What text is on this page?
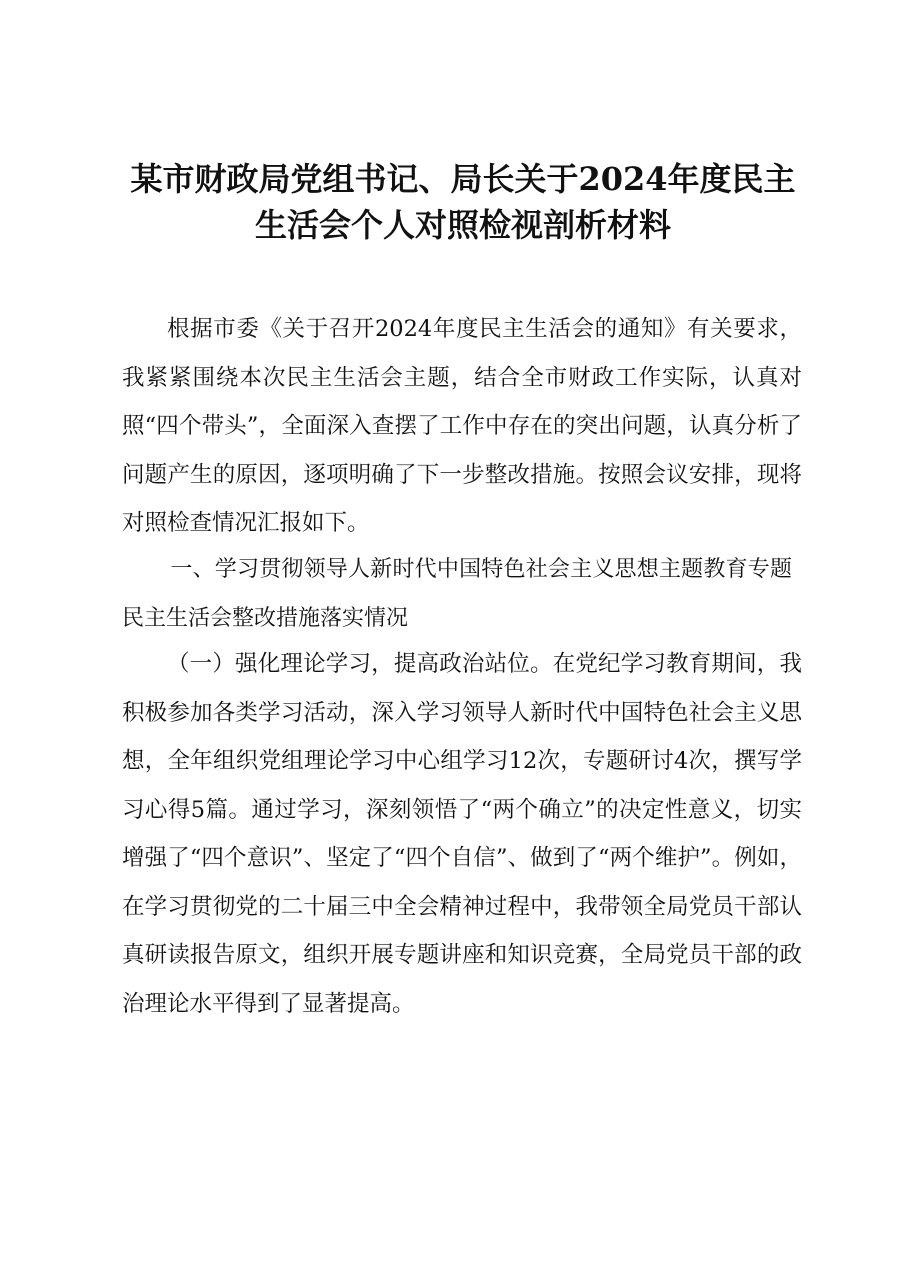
某市财政局党组书记、局长关于2024年度民主生活会个人对照检视剖析材料

根据市委《关于召开2024年度民主生活会的通知》有关要求，我紧紧围绕本次民主生活会主题，结合全市财政工作实际，认真对照“四个带头”，全面深入查摆了工作中存在的突出问题，认真分析了问题产生的原因，逐项明确了下一步整改措施。按照会议安排，现将对照检查情况汇报如下。

一、学习贯彻领导人新时代中国特色社会主义思想主题教育专题民主生活会整改措施落实情况

（一）强化理论学习，提高政治站位。在党纪学习教育期间，我积极参加各类学习活动，深入学习领导人新时代中国特色社会主义思想，全年组织党组理论学习中心组学习12次，专题研讨4次，撰写学习心得5篇。通过学习，深刻领悟了“两个确立”的决定性意义，切实增强了“四个意识”、坚定了“四个自信”、做到了“两个维护”。例如，在学习贯彻党的二十届三中全会精神过程中，我带领全局党员干部认真研读报告原文，组织开展专题讲座和知识竞赛，全局党员干部的政治理论水平得到了显著提高。
